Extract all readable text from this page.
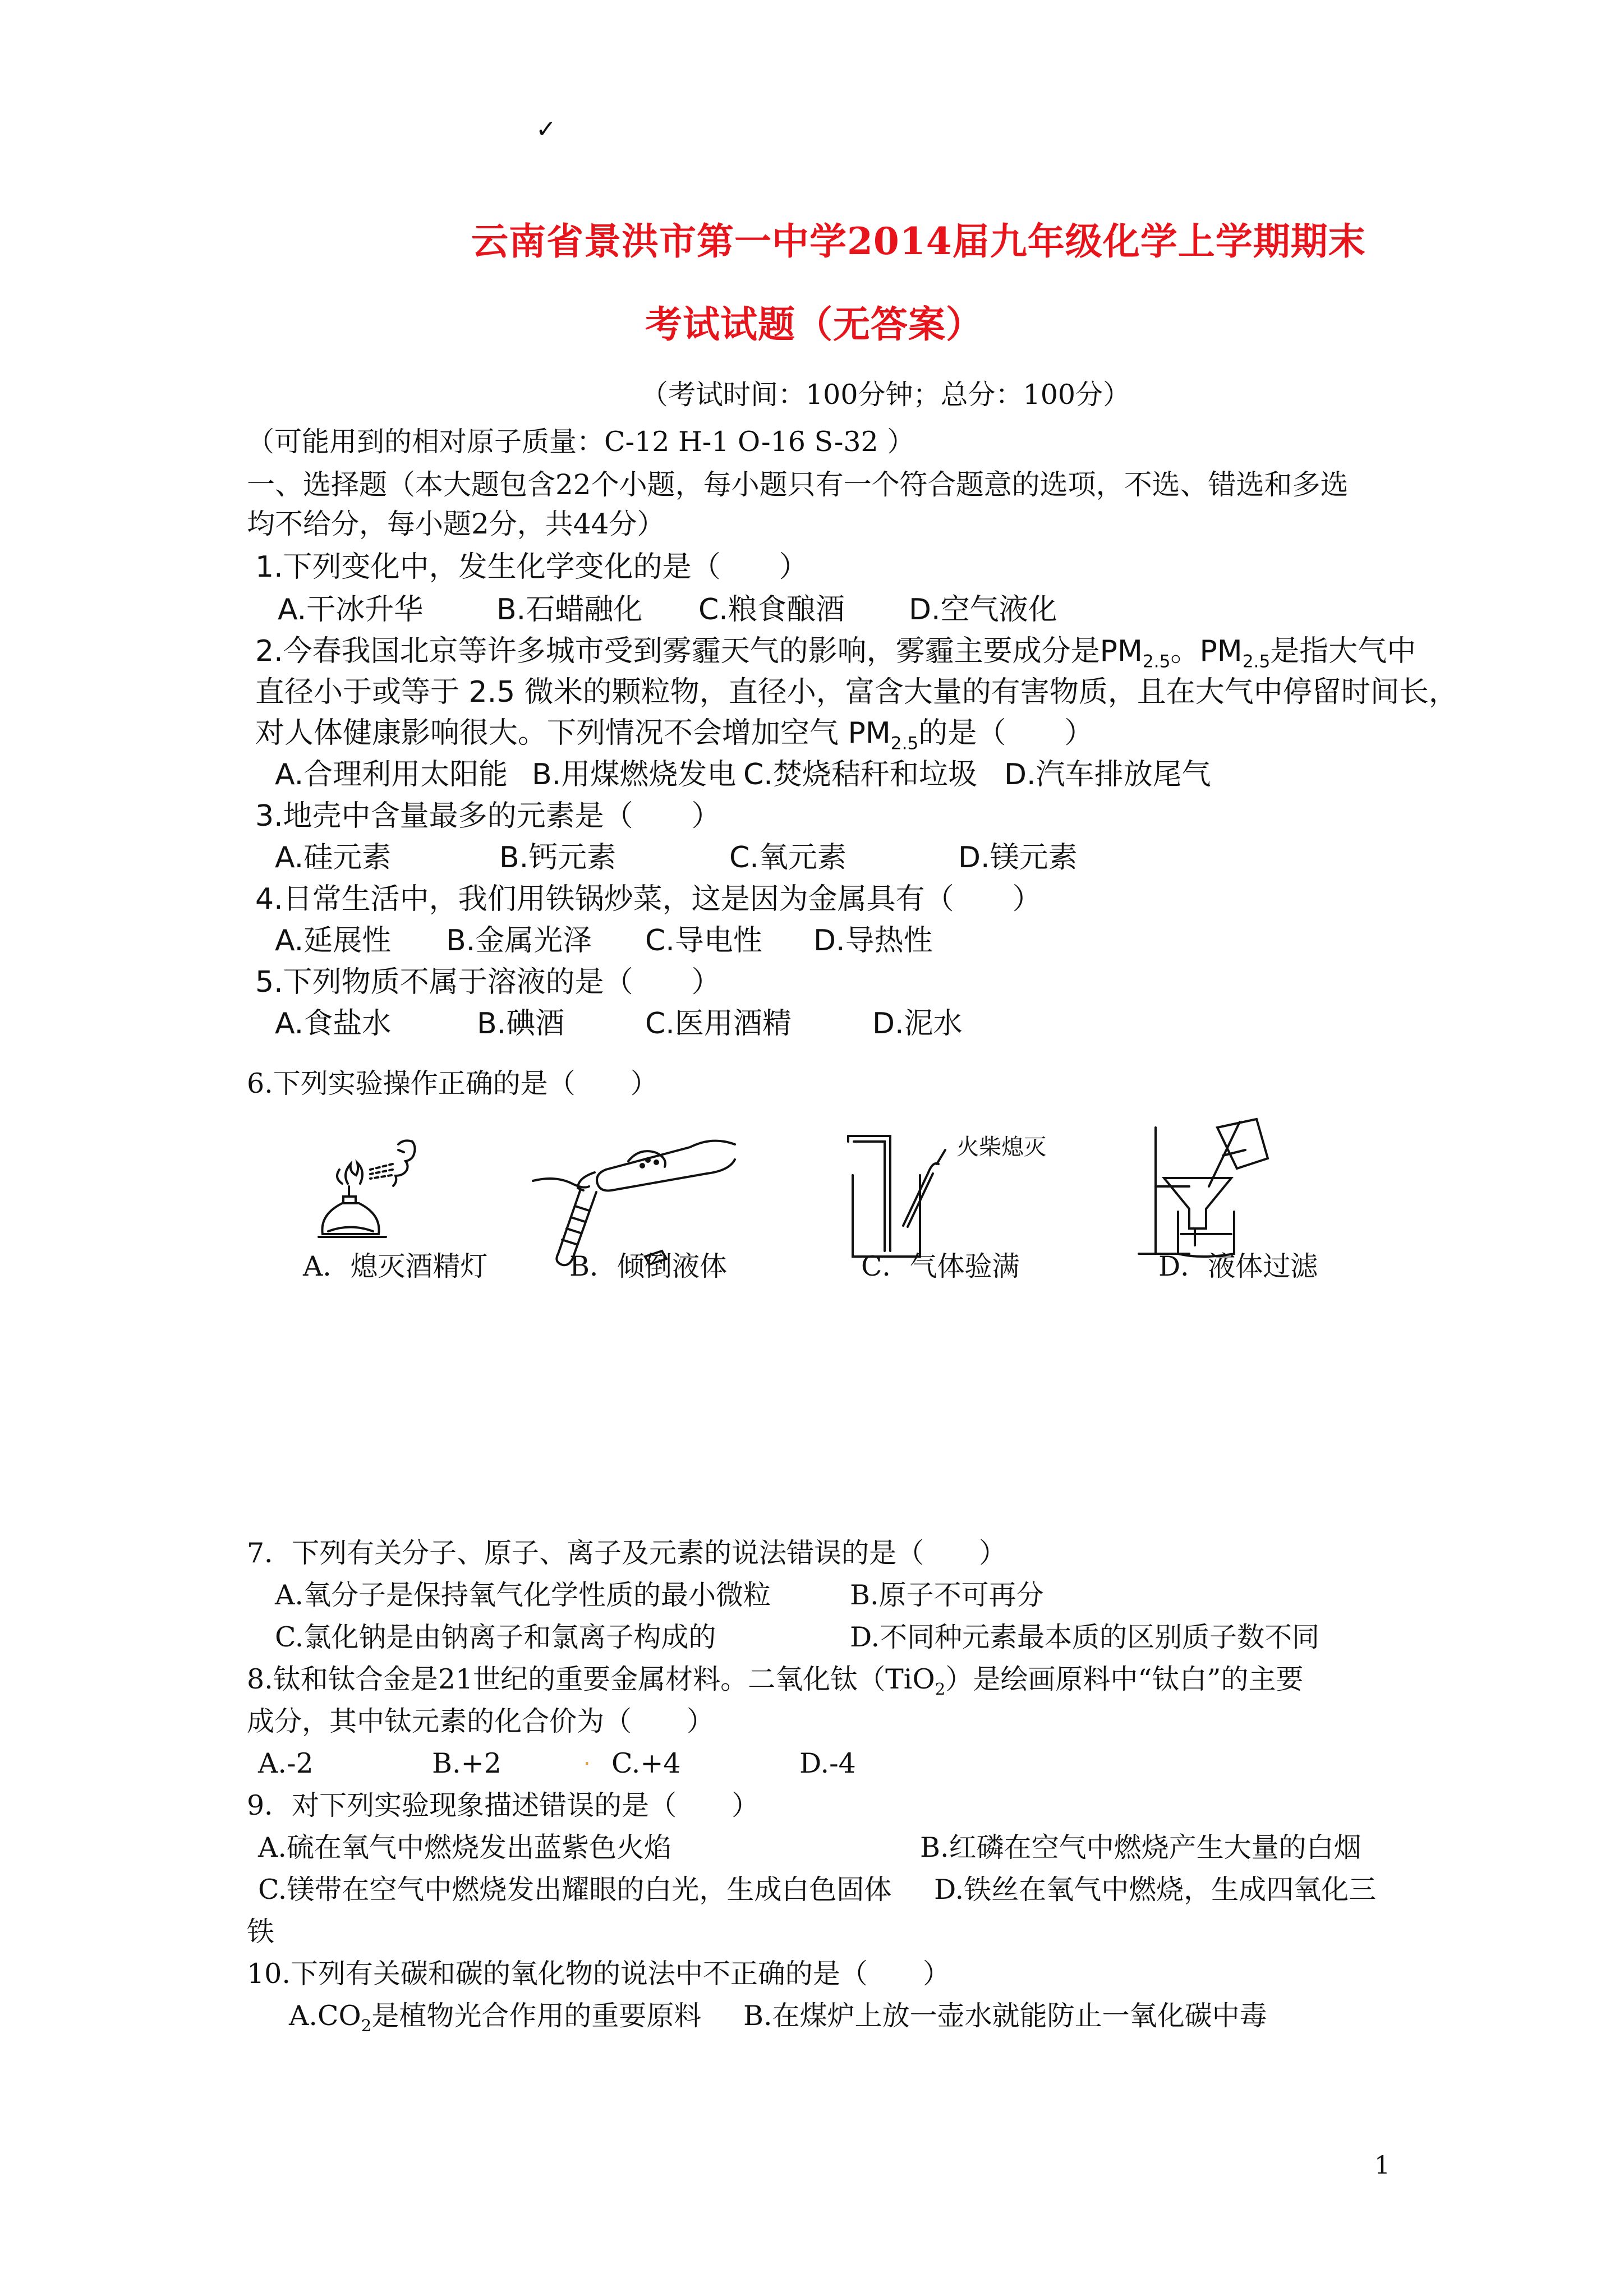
✓
云南省景洪市第一中学2014届九年级化学上学期期末
考试试题（无答案）
（考试时间：100分钟；总分：100分）
（可能用到的相对原子质量：C-12 H-1 O-16 S-32 ）
一、选择题（本大题包含22个小题，每小题只有一个符合题意的选项，不选、错选和多选
均不给分，每小题2分，共44分）
1.下列变化中，发生化学变化的是（　　）
A.干冰升华	B.石蜡融化 C.粮食酿酒 D.空气液化
2.今春我国北京等许多城市受到雾霾天气的影响，雾霾主要成分是$PM_{2.5}$。$PM_{2.5}$是指大气中
直径小于或等于 2.5 微米的颗粒物，直径小，富含大量的有害物质，且在大气中停留时间长，
对人体健康影响很大。下列情况不会增加空气 $PM_{2.5}$的是（　　）
A.合理利用太阳能 B.用煤燃烧发电 C.焚烧秸秆和垃圾 D.汽车排放尾气
3.地壳中含量最多的元素是（　　）
A.硅元素	B.钙元素	C.氧元素	D.镁元素
4.日常生活中，我们用铁锅炒菜，这是因为金属具有（　　）
A.延展性 B.金属光泽 C.导电性 D.导热性
5.下列物质不属于溶液的是（　　）
A.食盐水	B.碘酒	C.医用酒精	D.泥水
6.下列实验操作正确的是（　　）
火柴熄灭
A．熄灭酒精灯	B．倾倒液体	C．气体验满	D．液体过滤
7．下列有关分子、原子、离子及元素的说法错误的是（　　）
A.氧分子是保持氧气化学性质的最小微粒	B.原子不可再分
C.氯化钠是由钠离子和氯离子构成的	D.不同种元素最本质的区别质子数不同
8.钛和钛合金是21世纪的重要金属材料。二氧化钛（TiO$_2$）是绘画原料中“钛白”的主要
成分，其中钛元素的化合价为（　　）
A.-2	B.+2	. C.+4	D.-4
9．对下列实验现象描述错误的是（　　）
A.硫在氧气中燃烧发出蓝紫色火焰	B.红磷在空气中燃烧产生大量的白烟
C.镁带在空气中燃烧发出耀眼的白光，生成白色固体 D.铁丝在氧气中燃烧，生成四氧化三
铁
10.下列有关碳和碳的氧化物的说法中不正确的是（　　）
$A.CO_2$是植物光合作用的重要原料 B.在煤炉上放一壶水就能防止一氧化碳中毒
1
